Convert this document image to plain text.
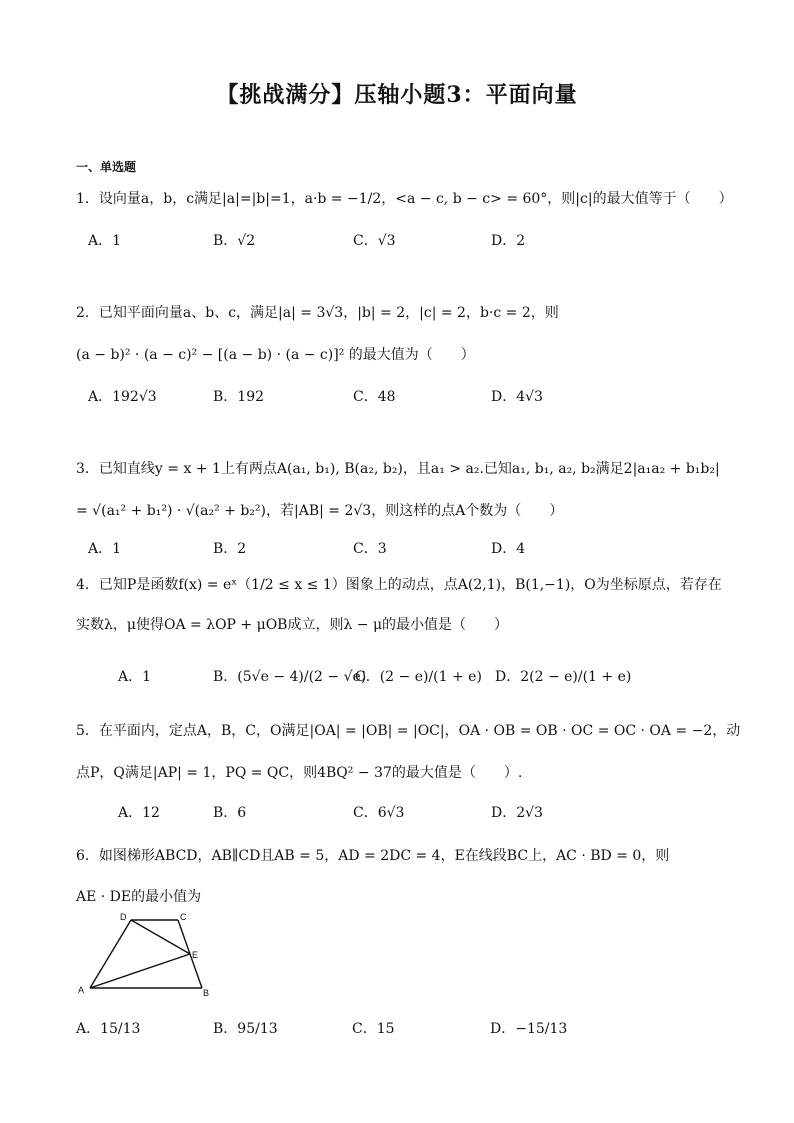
【挑战满分】压轴小题3：平面向量
一、单选题
1．设向量a，b，c满足|a|=|b|=1，a·b = −1/2，<a − c, b − c> = 60°，则|c|的最大值等于（　　）
A．1	B．√2	C．√3	D．2
2．已知平面向量a、b、c，满足|a| = 3√3，|b| = 2，|c| = 2，b·c = 2，则
(a − b)² · (a − c)² − [(a − b) · (a − c)]² 的最大值为（　　）
A．192√3	B．192	C．48	D．4√3
3．已知直线y = x + 1上有两点A(a₁, b₁), B(a₂, b₂)，且a₁ > a₂.已知a₁, b₁, a₂, b₂满足2|a₁a₂ + b₁b₂|
= √(a₁² + b₁²) · √(a₂² + b₂²)，若|AB| = 2√3，则这样的点A个数为（　　）
A．1	B．2	C．3	D．4
4．已知P是函数f(x) = eˣ（1/2 ≤ x ≤ 1）图象上的动点，点A(2,1)，B(1,−1)，O为坐标原点，若存在
实数λ，μ使得OA = λOP + μOB成立，则λ − μ的最小值是（　　）
A．1	B．(5√e − 4)/(2 − √e)
C．(2 − e)/(1 + e) D．2(2 − e)/(1 + e)
5．在平面内，定点A，B，C，O满足|OA| = |OB| = |OC|，OA · OB = OB · OC = OC · OA = −2，动
点P，Q满足|AP| = 1，PQ = QC，则4BQ² − 37的最大值是（　　）.
A．12	B．6	C．6√3	D．2√3
6．如图梯形ABCD，AB∥CD且AB = 5，AD = 2DC = 4，E在线段BC上，AC · BD = 0，则
AE · DE的最小值为
D	C
E
A	B
A．15/13	B．95/13	C．15	D．−15/13
